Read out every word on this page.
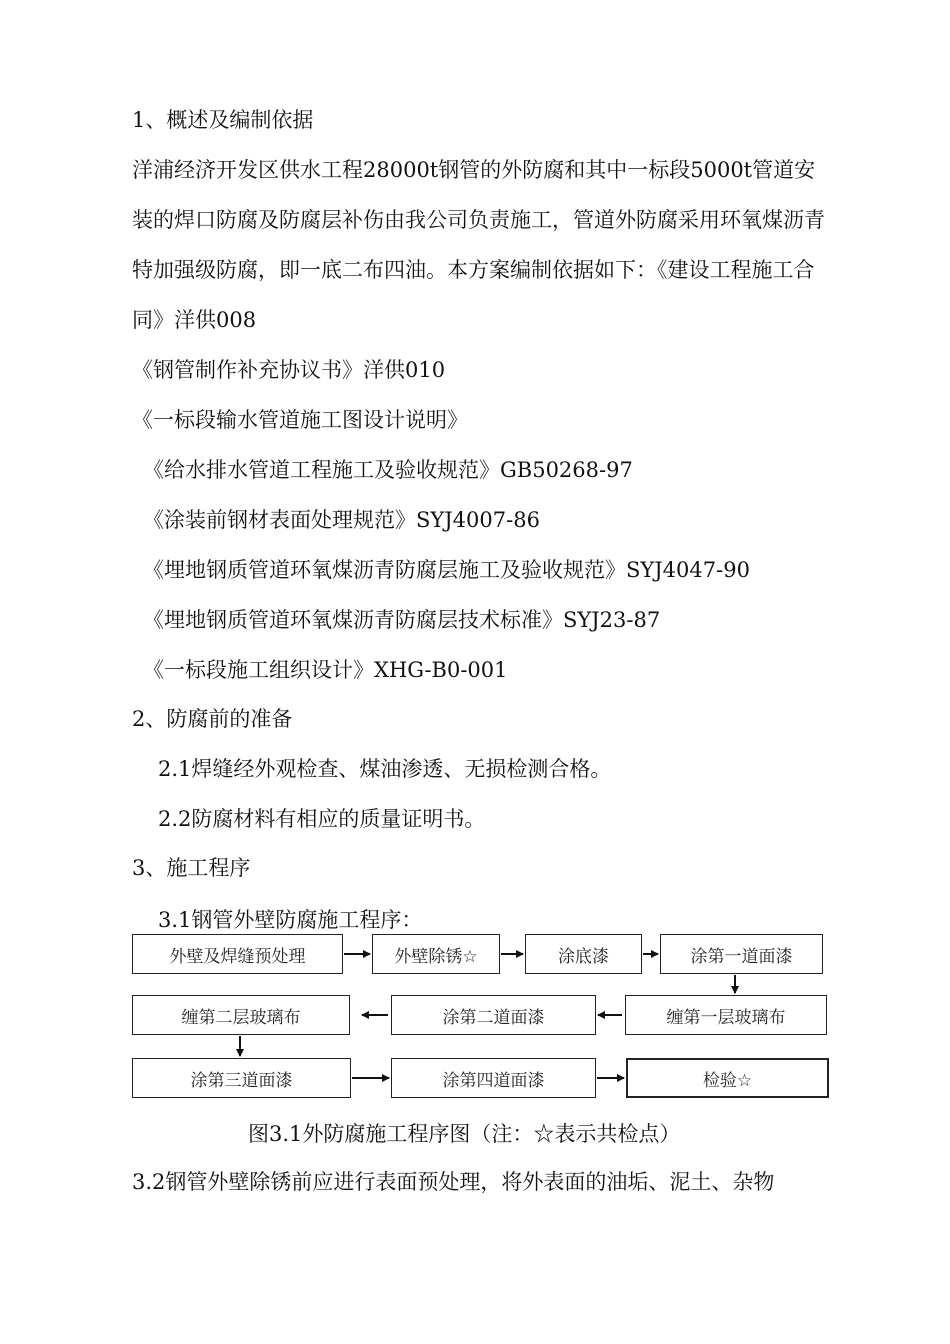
1、概述及编制依据
洋浦经济开发区供水工程28000t钢管的外防腐和其中一标段5000t管道安装的焊口防腐及防腐层补伤由我公司负责施工，管道外防腐采用环氧煤沥青特加强级防腐，即一底二布四油。本方案编制依据如下：《建设工程施工合同》洋供008
《钢管制作补充协议书》洋供010
《一标段输水管道施工图设计说明》
《给水排水管道工程施工及验收规范》GB50268-97
《涂装前钢材表面处理规范》SYJ4007-86
《埋地钢质管道环氧煤沥青防腐层施工及验收规范》SYJ4047-90
《埋地钢质管道环氧煤沥青防腐层技术标准》SYJ23-87
《一标段施工组织设计》XHG-B0-001
2、防腐前的准备
2.1焊缝经外观检查、煤油渗透、无损检测合格。
2.2防腐材料有相应的质量证明书。
3、施工程序
3.1钢管外壁防腐施工程序：
外壁及焊缝预处理	外壁除锈☆	涂底漆	涂第一道面漆
缠第一层玻璃布
涂第二道面漆
缠第二层玻璃布
涂第三道面漆	涂第四道面漆	检验☆
图3.1外防腐施工程序图（注：☆表示共检点）
3.2钢管外壁除锈前应进行表面预处理，将外表面的油垢、泥土、杂物
